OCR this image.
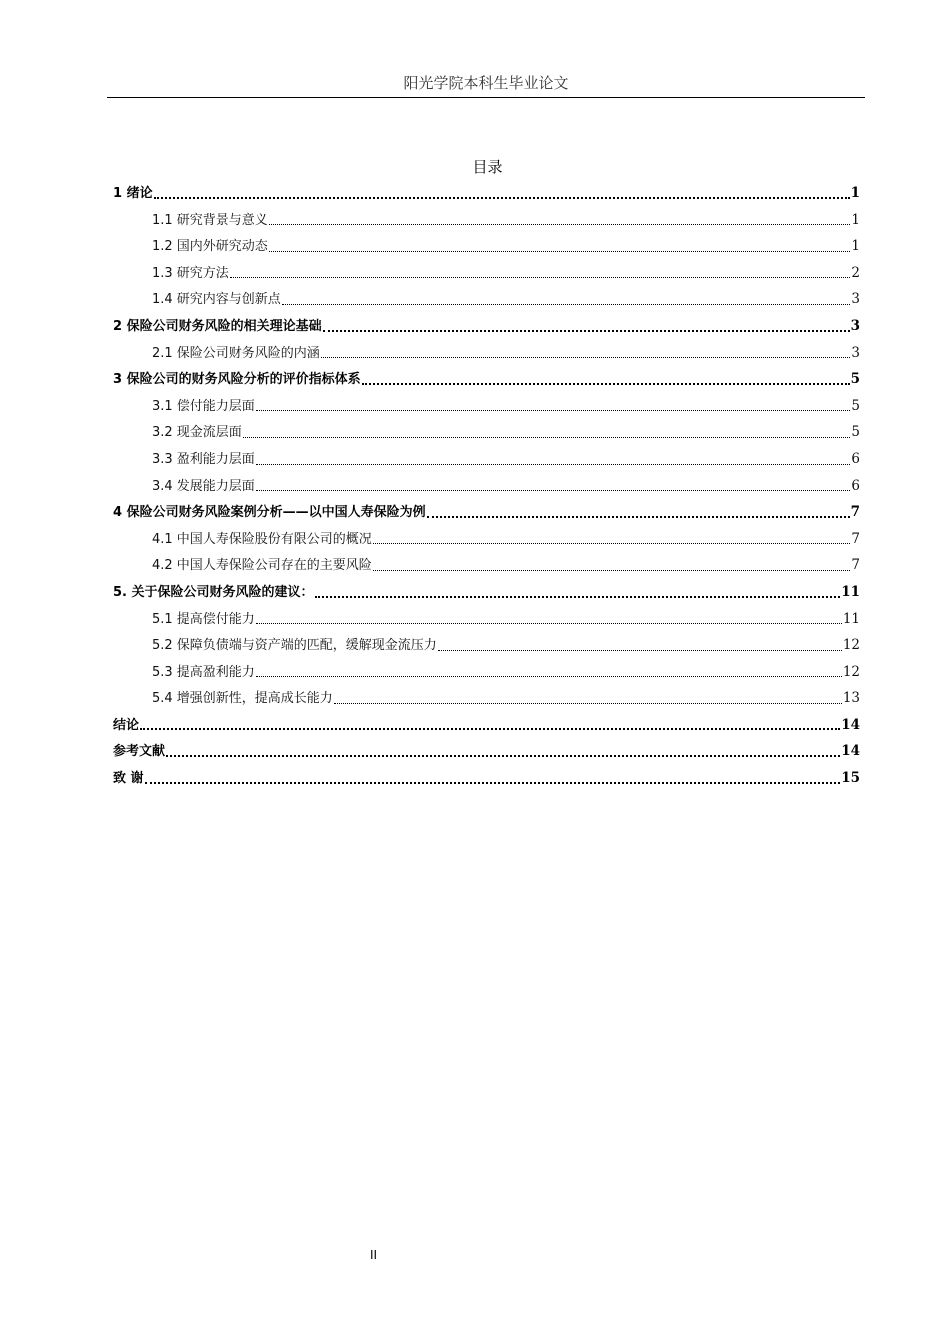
阳光学院本科生毕业论文
目录
1 绪论	1
1.1 研究背景与意义	1
1.2 国内外研究动态	1
1.3 研究方法	2
1.4 研究内容与创新点	3
2 保险公司财务风险的相关理论基础	3
2.1 保险公司财务风险的内涵	3
3 保险公司的财务风险分析的评价指标体系	5
3.1 偿付能力层面	5
3.2 现金流层面	5
3.3 盈利能力层面	6
3.4 发展能力层面	6
4 保险公司财务风险案例分析——以中国人寿保险为例	7
4.1 中国人寿保险股份有限公司的概况	7
4.2 中国人寿保险公司存在的主要风险	7
5. 关于保险公司财务风险的建议：	11
5.1 提高偿付能力	11
5.2 保障负债端与资产端的匹配，缓解现金流压力	12
5.3 提高盈利能力	12
5.4 增强创新性，提高成长能力	13
结论	14
参考文献	14
致 谢	15
II
